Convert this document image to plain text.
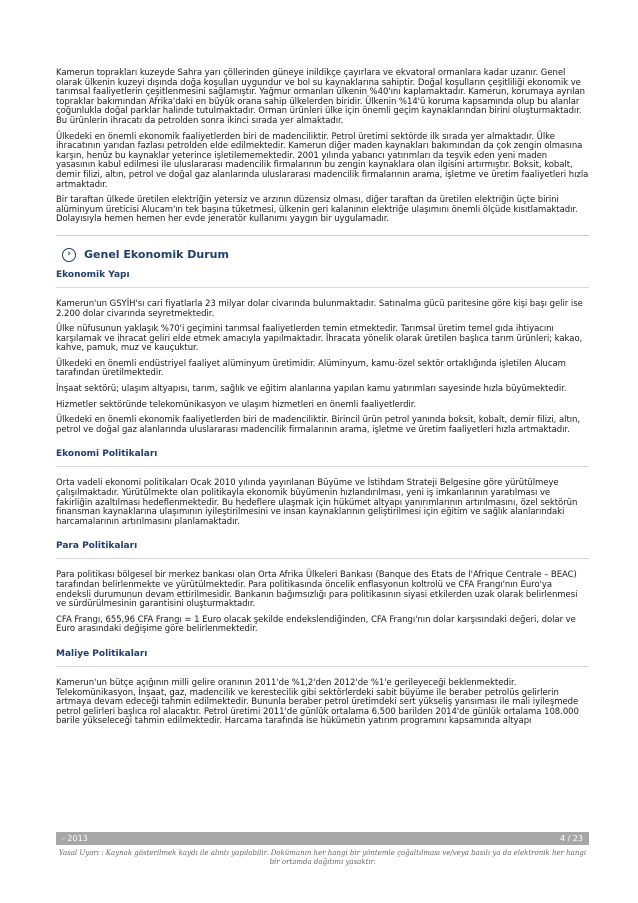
Kamerun toprakları kuzeyde Sahra yarı çöllerinden güneye inildikçe çayırlara ve ekvatoral ormanlara kadar uzanır. Genel olarak ülkenin kuzeyi dışında doğa koşulları uygundur ve bol su kaynaklarına sahiptir. Doğal koşulların çeşitliliği ekonomik ve tarımsal faaliyetlerin çeşitlenmesini sağlamıştır. Yağmur ormanları ülkenin %40'ını kaplamaktadır. Kamerun, korumaya ayrılan topraklar bakımından Afrika'daki en büyük orana sahip ülkelerden biridir. Ülkenin %14'ü koruma kapsamında olup bu alanlar çoğunlukla doğal parklar halinde tutulmaktadır. Orman ürünleri ülke için önemli geçim kaynaklarından birini oluşturmaktadır. Bu ürünlerin ihracatı da petrolden sonra ikinci sırada yer almaktadır.

Ülkedeki en önemli ekonomik faaliyetlerden biri de madenciliktir. Petrol üretimi sektörde ilk sırada yer almaktadır. Ülke ihracatının yarıdan fazlası petrolden elde edilmektedir. Kamerun diğer maden kaynakları bakımından da çok zengin olmasına karşın, henüz bu kaynaklar yeterince işletilememektedir. 2001 yılında yabancı yatırımları da teşvik eden yeni maden yasasının kabul edilmesi ile uluslararası madencilik firmalarının bu zengin kaynaklara olan ilgisini artırmıştır. Boksit, kobalt, demir filizi, altın, petrol ve doğal gaz alanlarında uluslararası madencilik firmalarının arama, işletme ve üretim faaliyetleri hızla artmaktadır.

Bir taraftan ülkede üretilen elektriğin yetersiz ve arzının düzensiz olması, diğer taraftan da üretilen elektriğin üçte birini alüminyum üreticisi Alucam'ın tek başına tüketmesi, ülkenin geri kalanının elektriğe ulaşımını önemli ölçüde kısıtlamaktadır. Dolayısıyla hemen hemen her evde jeneratör kullanımı yaygın bir uygulamadır.

›	Genel Ekonomik Durum
Ekonomik Yapı

Kamerun'un GSYİH'sı cari fiyatlarla 23 milyar dolar civarında bulunmaktadır. Satınalma gücü paritesine göre kişi başı gelir ise 2.200 dolar civarında seyretmektedir.

Ülke nüfusunun yaklaşık %70'i geçimini tarımsal faaliyetlerden temin etmektedir. Tarımsal üretim temel gıda ihtiyacını karşılamak ve ihracat geliri elde etmek amacıyla yapılmaktadır. İhracata yönelik olarak üretilen başlıca tarım ürünleri; kakao, kahve, pamuk, muz ve kauçuktur.

Ülkedeki en önemli endüstriyel faaliyet alüminyum üretimidir. Alüminyum, kamu-özel sektör ortaklığında işletilen Alucam tarafından üretilmektedir.

İnşaat sektörü; ulaşım altyapısı, tarım, sağlık ve eğitim alanlarına yapılan kamu yatırımları sayesinde hızla büyümektedir.

Hizmetler sektöründe telekomünikasyon ve ulaşım hizmetleri en önemli faaliyetlerdir.

Ülkedeki en önemli ekonomik faaliyetlerden biri de madenciliktir. Birincil ürün petrol yanında boksit, kobalt, demir filizi, altın, petrol ve doğal gaz alanlarında uluslararası madencilik firmalarının arama, işletme ve üretim faaliyetleri hızla artmaktadır.

Ekonomi Politikaları

Orta vadeli ekonomi politikaları Ocak 2010 yılında yayınlanan Büyüme ve İstihdam Strateji Belgesine göre yürütülmeye çalışılmaktadır. Yürütülmekte olan politikayla ekonomik büyümenin hızlandırılması, yeni iş imkanlarının yaratılması ve fakirliğin azaltılması hedeflenmektedir. Bu hedeflere ulaşmak için hükümet altyapı yanırımlarının artırılmasını, özel sektörün finansman kaynaklarına ulaşımının iyileştirilmesini ve insan kaynaklarının geliştirilmesi için eğitim ve sağlık alanlarındaki harcamalarının artırılmasını planlamaktadır.

Para Politikaları

Para politikası bölgesel bir merkez bankası olan Orta Afrika Ülkeleri Bankası (Banque des Etats de l'Afrique Centrale – BEAC) tarafından belirlenmekte ve yürütülmektedir. Para politikasında öncelik enflasyonun koltrolü ve CFA Frangı'nın Euro'ya endeksli durumunun devam ettirilmesidir. Bankanın bağımsızlığı para politikasının siyasi etkilerden uzak olarak belirlenmesi ve sürdürülmesinin garantisini oluşturmaktadır.

CFA Frangı, 655,96 CFA Frangı = 1 Euro olacak şekilde endekslendiğinden, CFA Frangı'nın dolar karşısındaki değeri, dolar ve Euro arasındaki değişime göre belirlenmektedir.

Maliye Politikaları

Kamerun'un bütçe açığının milli gelire oranının 2011'de %1,2'den 2012'de %1'e gerileyeceği beklenmektedir. Telekomünikasyon, İnşaat, gaz, madencilik ve kerestecilik gibi sektörlerdeki sabit büyüme ile beraber petrolüs gelirlerin artmaya devam edeceği tahmin edilmektedir. Bununla beraber petrol üretimdeki sert yükseliş yansıması ile mali iyileşmede petrol gelirleri başlıca rol alacaktır. Petrol üretimi 2011'de günlük ortalama 6.500 barilden 2014'de günlük ortalama 108.000 barile yükseleceği tahmin edilmektedir. Harcama tarafında ise hükümetin yatırım programını kapsamında altyapı

- 2013	4 / 23
Yasal Uyarı : Kaynak gösterilmek kaydı ile alıntı yapılabilir. Dokümanın her hangi bir yöntemle çoğaltılması ve/veya basılı ya da elektronik her hangi bir ortamda dağıtımı yasaktır.
